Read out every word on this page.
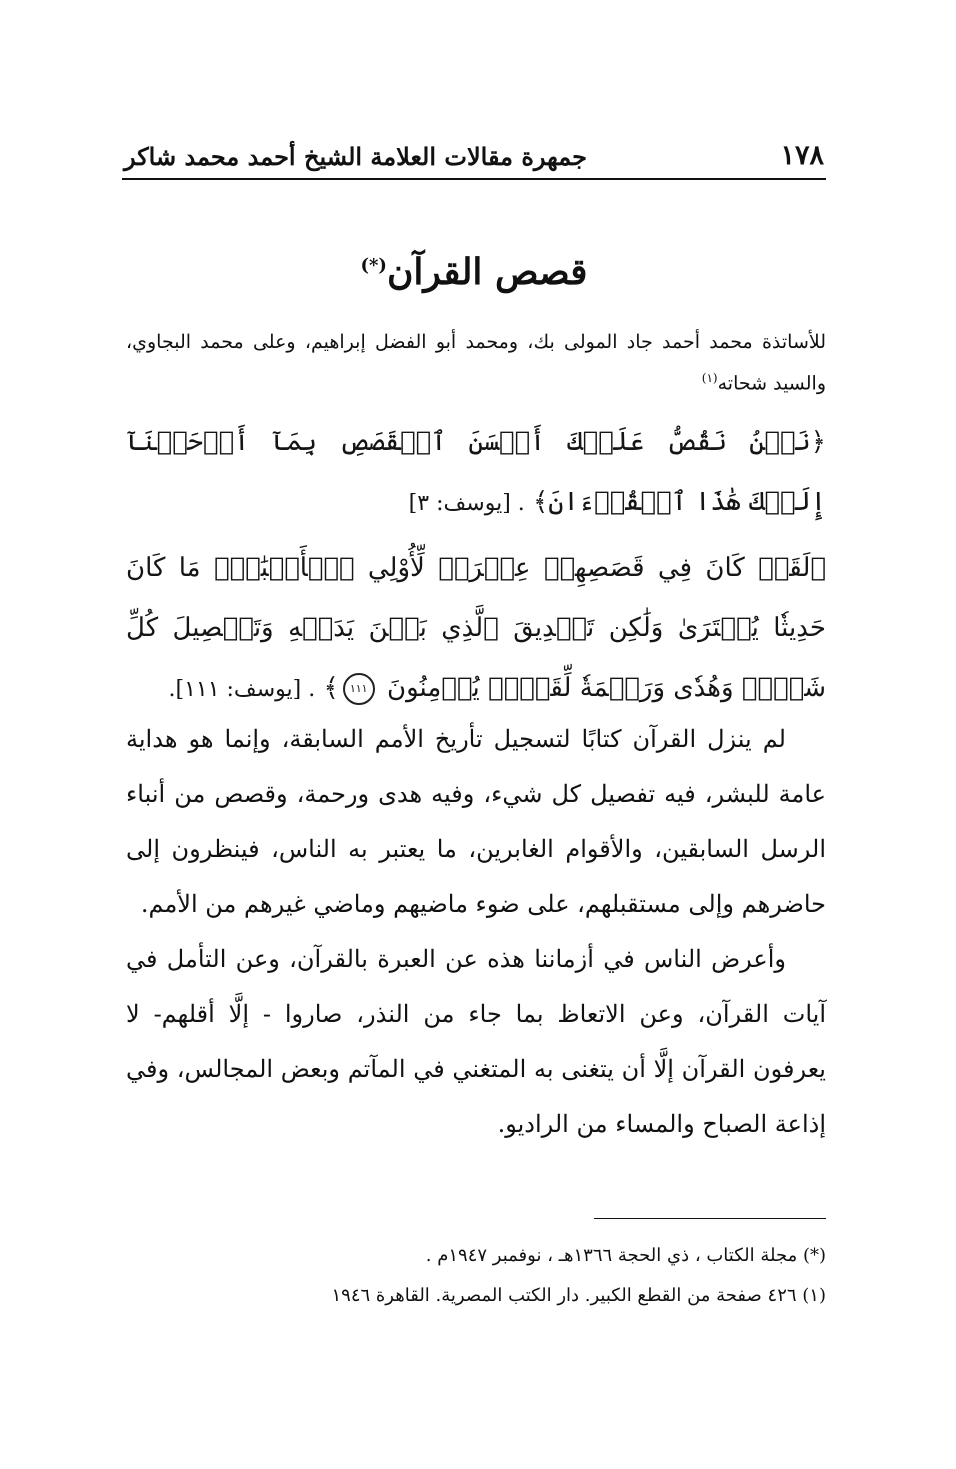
١٧٨
جمهرة مقالات العلامة الشيخ أحمد محمد شاكر
قصص القرآن(*)
للأساتذة محمد أحمد جاد المولى بك، ومحمد أبو الفضل إبراهيم، وعلى محمد البجاوي، والسيد شحاته$^{(١)}$
﴿نَحۡنُ نَقُصُّ عَلَيۡكَ أَحۡسَنَ ٱلۡقَصَصِ بِمَآ أَوۡحَيۡنَآ إِلَيۡكَ هَٰذَا ٱلۡقُرۡءَانَ﴾ . [يوسف: ٣]
﴿لَقَدۡ كَانَ فِي قَصَصِهِمۡ عِبۡرَةٞ لِّأُوْلِي ٱلۡأَلۡبَٰبِۗ مَا كَانَ حَدِيثٗا يُفۡتَرَىٰ وَلَٰكِن تَصۡدِيقَ ٱلَّذِي بَيۡنَ يَدَيۡهِ وَتَفۡصِيلَ كُلِّ شَيۡءٖ وَهُدٗى وَرَحۡمَةٗ لِّقَوۡمٖ يُؤۡمِنُونَ ١١١﴾ . [يوسف: ١١١].

لم ينزل القرآن كتابًا لتسجيل تأريخ الأمم السابقة، وإنما هو هداية عامة للبشر، فيه تفصيل كل شيء، وفيه هدى ورحمة، وقصص من أنباء الرسل السابقين، والأقوام الغابرين، ما يعتبر به الناس، فينظرون إلى حاضرهم وإلى مستقبلهم، على ضوء ماضيهم وماضي غيرهم من الأمم.

وأعرض الناس في أزماننا هذه عن العبرة بالقرآن، وعن التأمل في آيات القرآن، وعن الاتعاظ بما جاء من النذر، صاروا - إلَّا أقلهم- لا يعرفون القرآن إلَّا أن يتغنى به المتغني في المآتم وبعض المجالس، وفي إذاعة الصباح والمساء من الراديو.

(*) مجلة الكتاب ، ذي الحجة ١٣٦٦هـ ، نوفمبر ١٩٤٧م .
(١) ٤٢٦ صفحة من القطع الكبير. دار الكتب المصرية. القاهرة ١٩٤٦
